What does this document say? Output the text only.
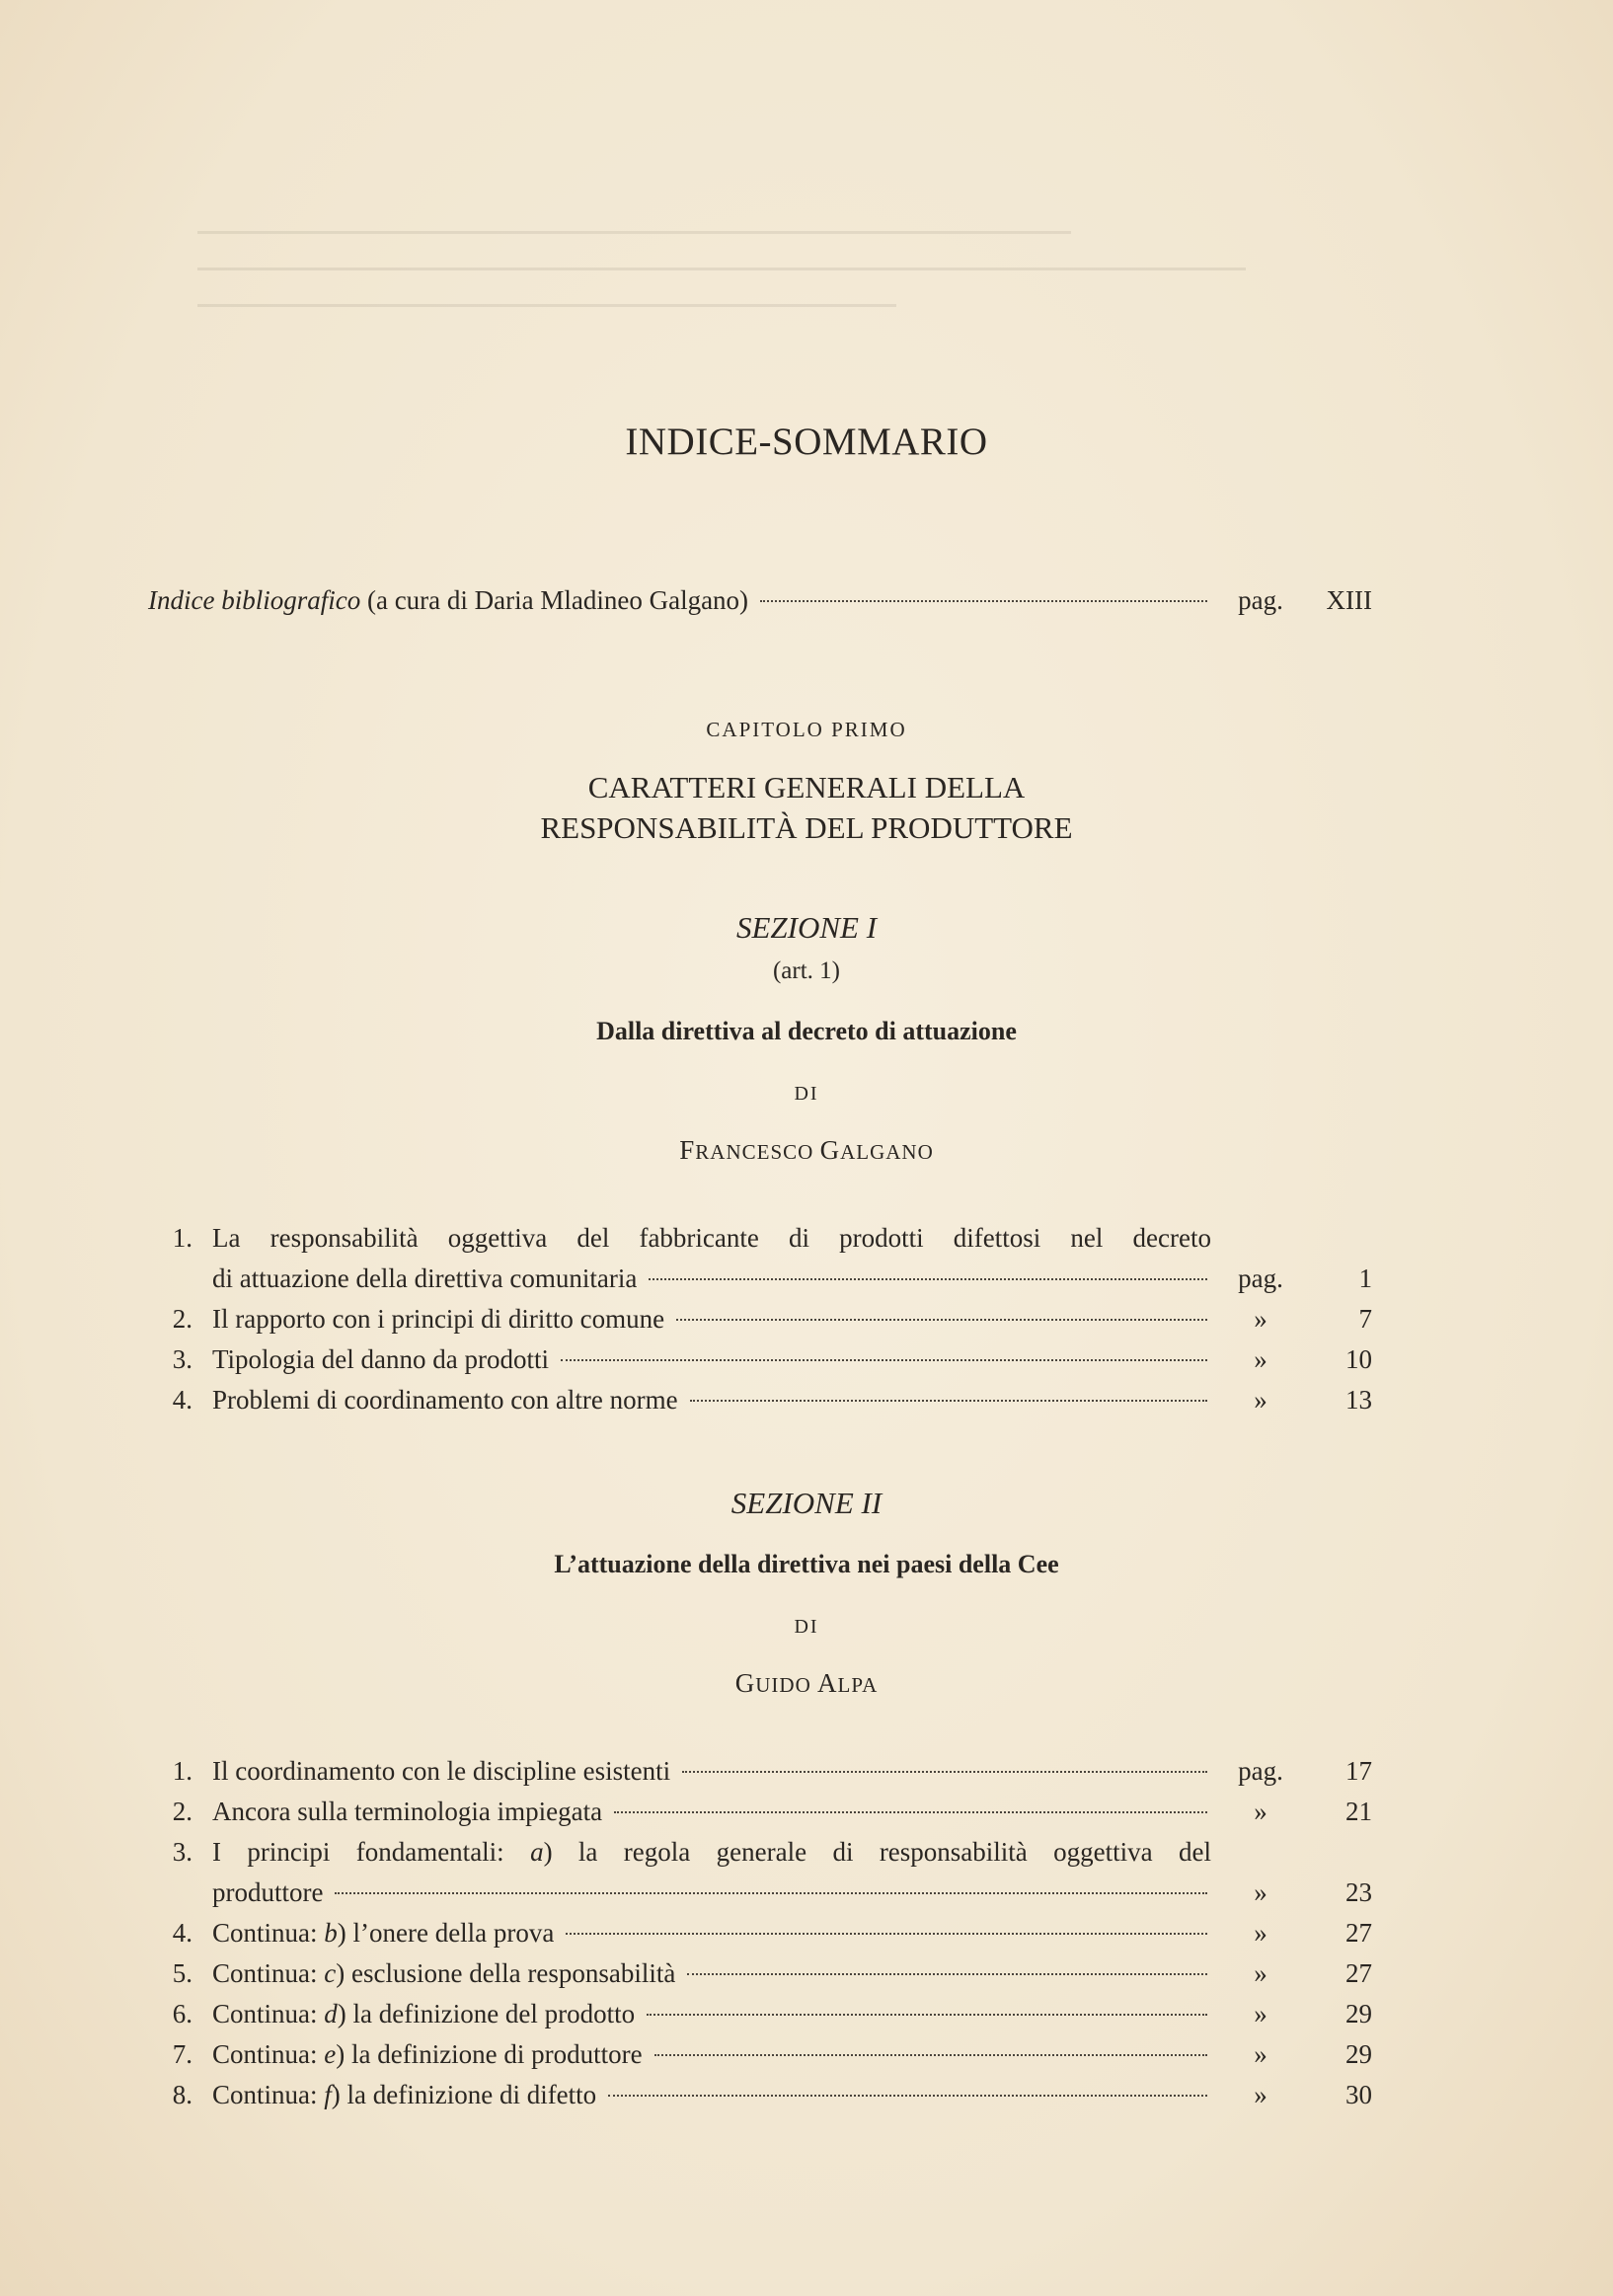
INDICE-SOMMARIO
Indice bibliografico (a cura di Daria Mladineo Galgano)	pag.	XIII
CAPITOLO PRIMO
CARATTERI GENERALI DELLA
RESPONSABILITÀ DEL PRODUTTORE
SEZIONE I
(art. 1)
Dalla direttiva al decreto di attuazione
DI
FRANCESCO GALGANO
1. La responsabilità oggettiva del fabbricante di prodotti difettosi nel decreto
di attuazione della direttiva comunitaria	pag.	1
2. Il rapporto con i principi di diritto comune	»	7
3. Tipologia del danno da prodotti	»	10
4. Problemi di coordinamento con altre norme	»	13
SEZIONE II
L’attuazione della direttiva nei paesi della Cee
DI
GUIDO ALPA
1. Il coordinamento con le discipline esistenti	pag.	17
2. Ancora sulla terminologia impiegata	»	21
3. I principi fondamentali: a) la regola generale di responsabilità oggettiva del
produttore	»	23
4. Continua: b) l’onere della prova	»	27
5. Continua: c) esclusione della responsabilità	»	27
6. Continua: d) la definizione del prodotto	»	29
7. Continua: e) la definizione di produttore	»	29
8. Continua: f) la definizione di difetto	»	30
